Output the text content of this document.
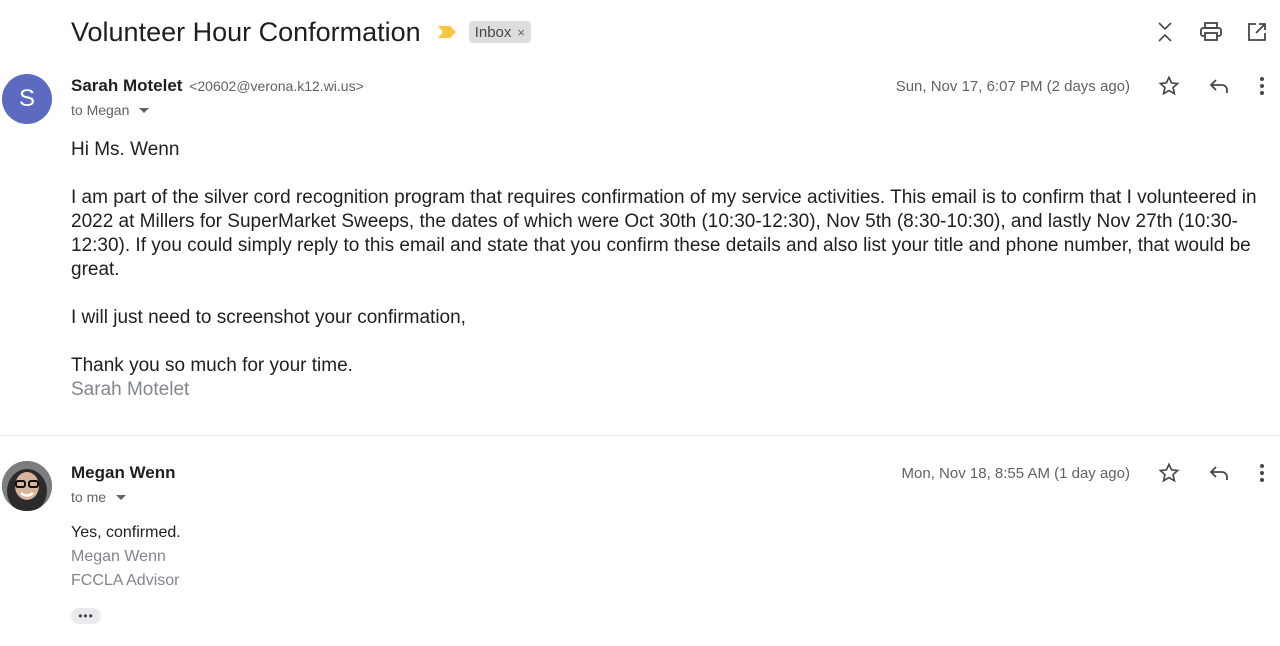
Volunteer Hour Conformation	Inbox ×
S	Sarah Motelet <20602@verona.k12.wi.us>
to Megan
Sun, Nov 17, 6:07 PM (2 days ago)

Hi Ms. Wenn

I am part of the silver cord recognition program that requires confirmation of my service activities. This email is to confirm that I volunteered in 2022 at Millers for SuperMarket Sweeps, the dates of which were Oct 30th (10:30-12:30), Nov 5th (8:30-10:30), and lastly Nov 27th (10:30-12:30). If you could simply reply to this email and state that you confirm these details and also list your title and phone number, that would be great.

I will just need to screenshot your confirmation,

Thank you so much for your time.

Sarah Motelet

Megan Wenn
to me
Mon, Nov 18, 8:55 AM (1 day ago)
Yes, confirmed.
Megan Wenn
FCCLA Advisor
•••
